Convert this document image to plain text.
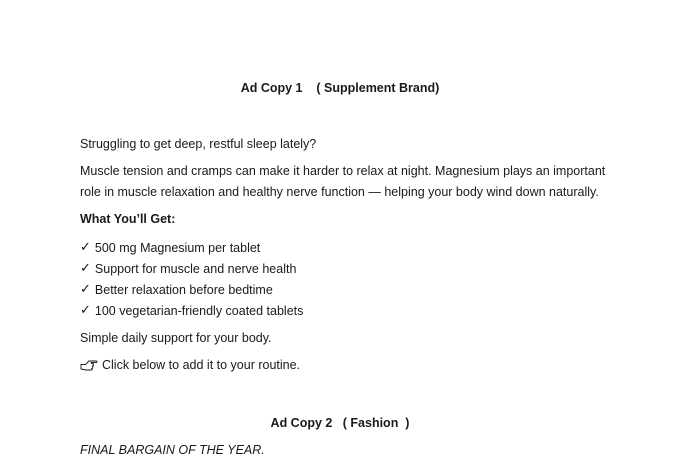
Ad Copy 1    ( Supplement Brand)
Struggling to get deep, restful sleep lately?
Muscle tension and cramps can make it harder to relax at night. Magnesium plays an important
role in muscle relaxation and healthy nerve function — helping your body wind down naturally.
What You’ll Get:
✓ 500 mg Magnesium per tablet
✓ Support for muscle and nerve health
✓ Better relaxation before bedtime
✓ 100 vegetarian-friendly coated tablets
Simple daily support for your body.
Click below to add it to your routine.
Ad Copy 2   ( Fashion  )
FINAL BARGAIN OF THE YEAR.
